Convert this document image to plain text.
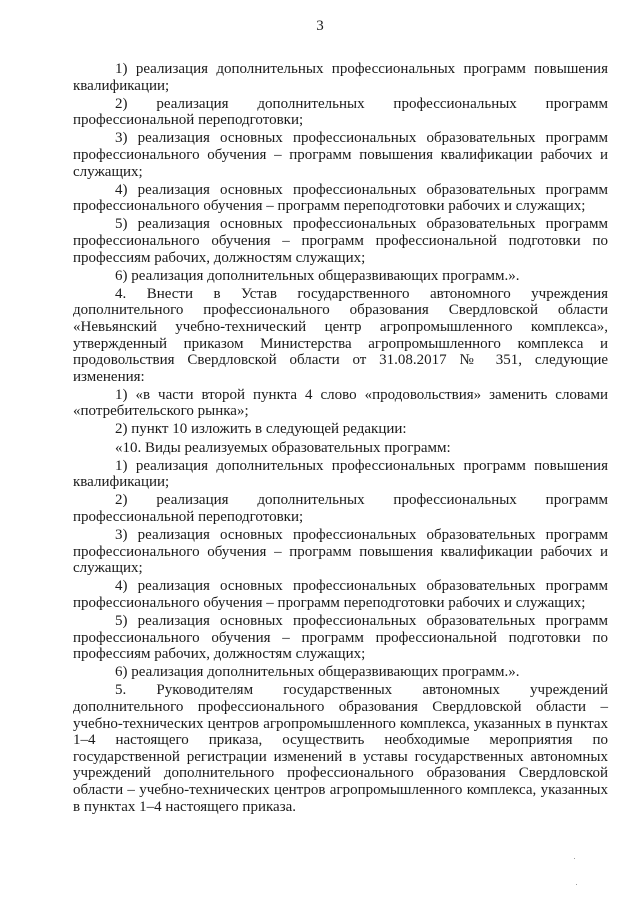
3

1) реализация дополнительных профессиональных программ повышения квалификации;

2) реализация дополнительных профессиональных программ профессиональной переподготовки;

3) реализация основных профессиональных образовательных программ профессионального обучения – программ повышения квалификации рабочих и служащих;

4) реализация основных профессиональных образовательных программ профессионального обучения – программ переподготовки рабочих и служащих;

5) реализация основных профессиональных образовательных программ профессионального обучения – программ профессиональной подготовки по профессиям рабочих, должностям служащих;

6) реализация дополнительных общеразвивающих программ.».

4. Внести в Устав государственного автономного учреждения дополнительного профессионального образования Свердловской области «Невьянский учебно-технический центр агропромышленного комплекса», утвержденный приказом Министерства агропромышленного комплекса и продовольствия Свердловской области от 31.08.2017 № 351, следующие изменения:

1) «в части второй пункта 4 слово «продовольствия» заменить словами «потребительского рынка»;

2) пункт 10 изложить в следующей редакции:

«10. Виды реализуемых образовательных программ:

1) реализация дополнительных профессиональных программ повышения квалификации;

2) реализация дополнительных профессиональных программ профессиональной переподготовки;

3) реализация основных профессиональных образовательных программ профессионального обучения – программ повышения квалификации рабочих и служащих;

4) реализация основных профессиональных образовательных программ профессионального обучения – программ переподготовки рабочих и служащих;

5) реализация основных профессиональных образовательных программ профессионального обучения – программ профессиональной подготовки по профессиям рабочих, должностям служащих;

6) реализация дополнительных общеразвивающих программ.».

5. Руководителям государственных автономных учреждений дополнительного профессионального образования Свердловской области – учебно-технических центров агропромышленного комплекса, указанных в пунктах 1–4 настоящего приказа, осуществить необходимые мероприятия по государственной регистрации изменений в уставы государственных автономных учреждений дополнительного профессионального образования Свердловской области – учебно-технических центров агропромышленного комплекса, указанных в пунктах 1–4 настоящего приказа.
